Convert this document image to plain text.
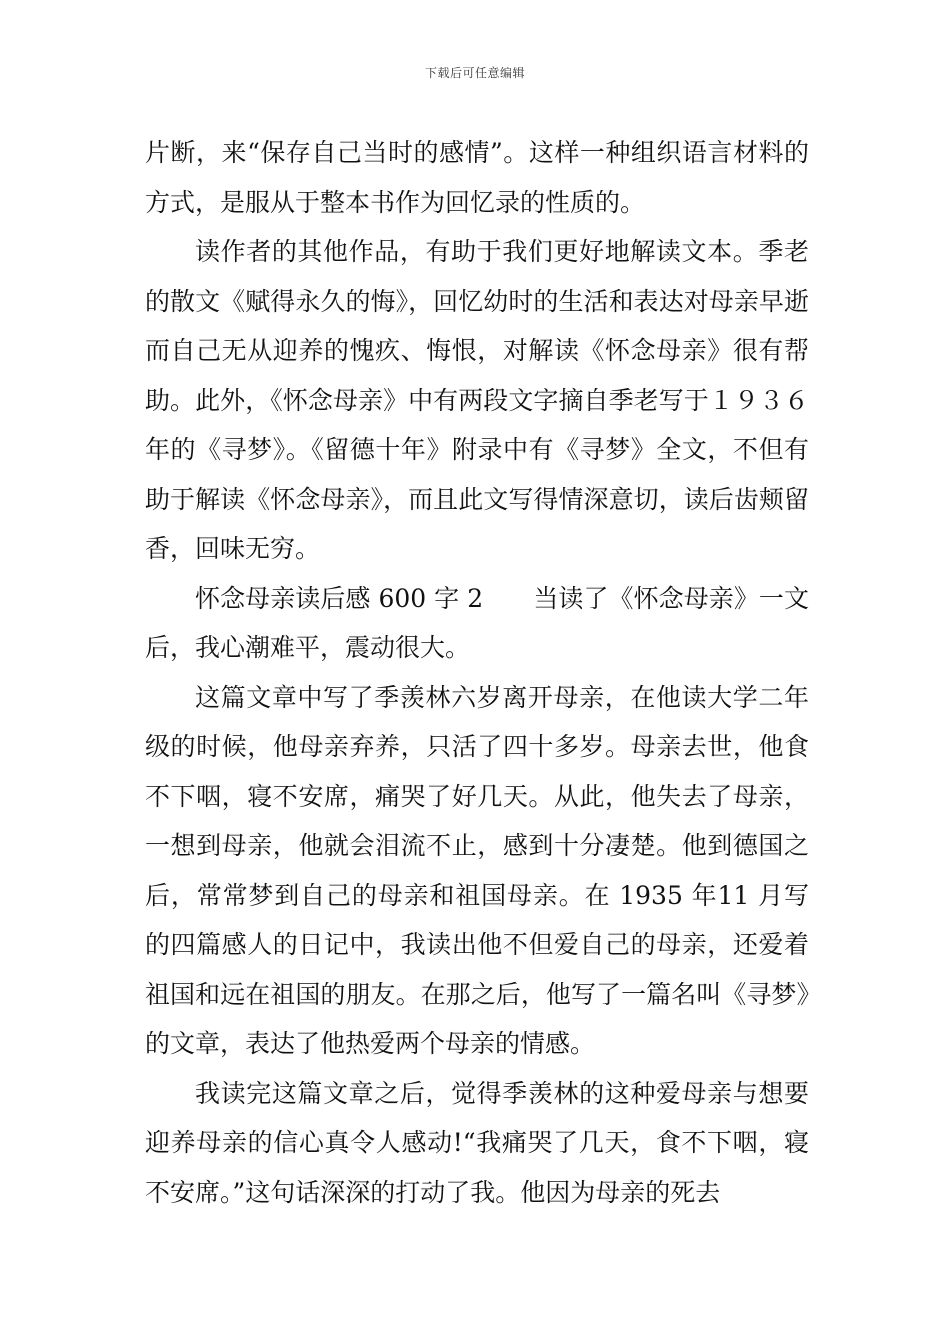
下载后可任意编辑

片断，来“保存自己当时的感情”。这样一种组织语言材料的方式，是服从于整本书作为回忆录的性质的。

读作者的其他作品，有助于我们更好地解读文本。季老的散文《赋得永久的悔》，回忆幼时的生活和表达对母亲早逝而自己无从迎养的愧疚、悔恨，对解读《怀念母亲》很有帮助。此外，《怀念母亲》中有两段文字摘自季老写于１９３６年的《寻梦》。《留德十年》附录中有《寻梦》全文，不但有助于解读《怀念母亲》，而且此文写得情深意切，读后齿颊留香，回味无穷。

怀念母亲读后感 600 字 2　　当读了《怀念母亲》一文后，我心潮难平，震动很大。

这篇文章中写了季羡林六岁离开母亲，在他读大学二年级的时候，他母亲弃养，只活了四十多岁。母亲去世，他食不下咽，寝不安席，痛哭了好几天。从此，他失去了母亲，一想到母亲，他就会泪流不止，感到十分凄楚。他到德国之后，常常梦到自己的母亲和祖国母亲。在 1935 年11 月写的四篇感人的日记中，我读出他不但爱自己的母亲，还爱着祖国和远在祖国的朋友。在那之后，他写了一篇名叫《寻梦》的文章，表达了他热爱两个母亲的情感。

我读完这篇文章之后，觉得季羡林的这种爱母亲与想要迎养母亲的信心真令人感动!“我痛哭了几天，食不下咽，寝不安席。”这句话深深的打动了我。他因为母亲的死去
